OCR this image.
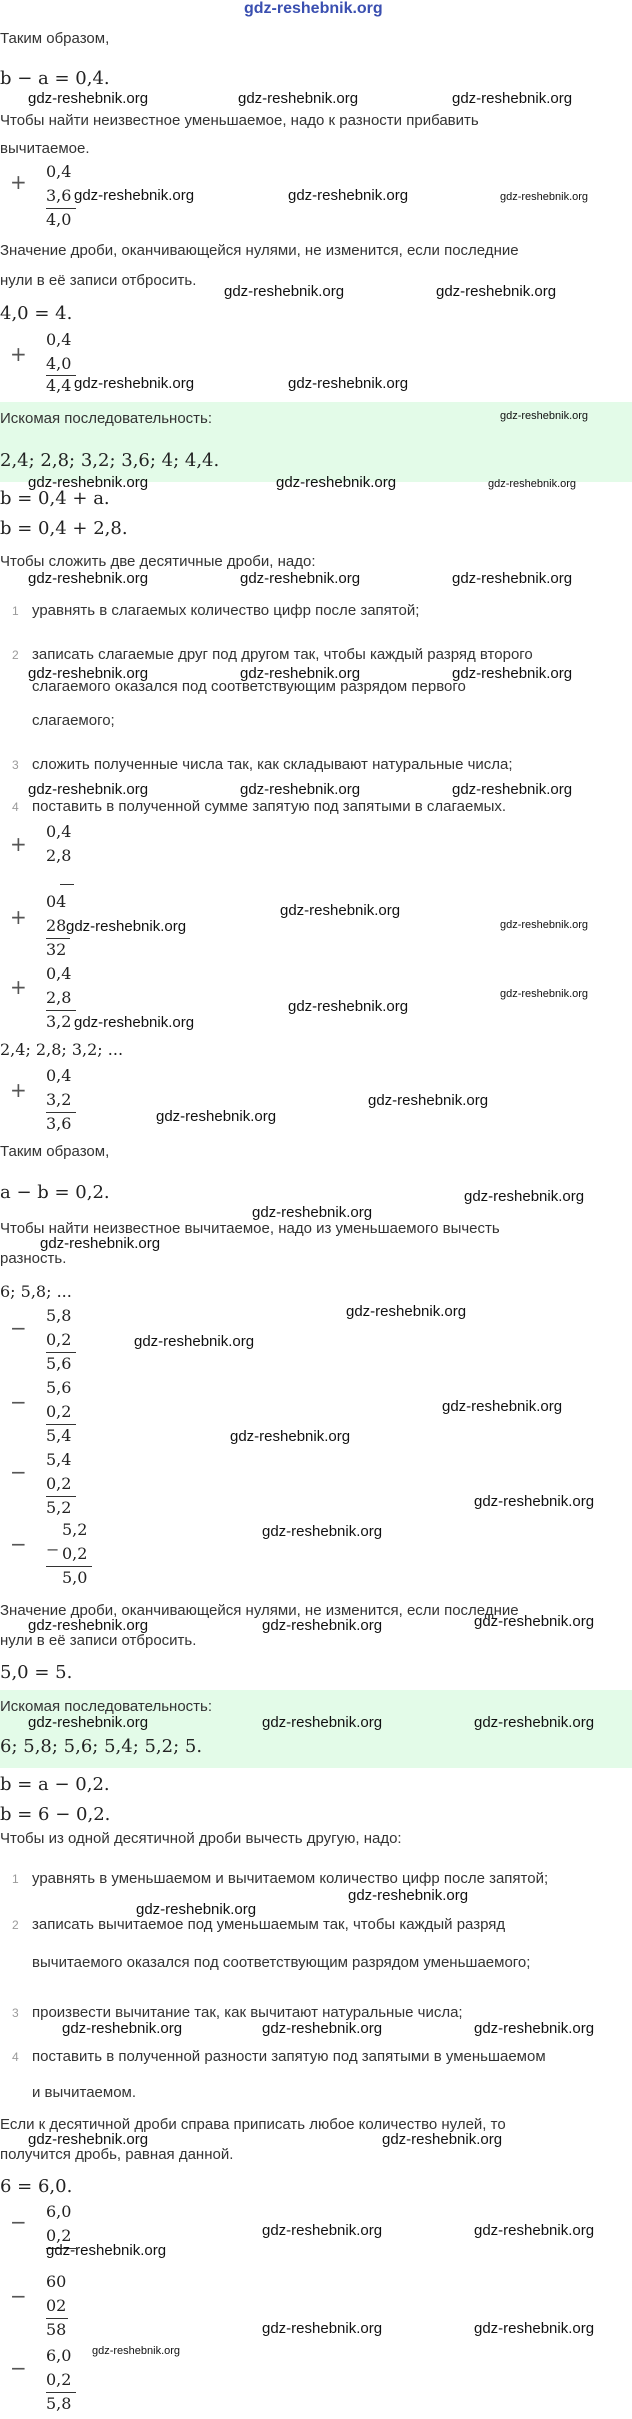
gdz-reshebnik.org
Таким образом,
b − a = 0,4.
Чтобы найти неизвестное уменьшаемое, надо к разности прибавить
вычитаемое.
gdz-reshebnik.org	gdz-reshebnik.org	gdz-reshebnik.org
+ 0,4
3,6
4,0
gdz-reshebnik.org	gdz-reshebnik.org	gdz-reshebnik.org
Значение дроби, оканчивающейся нулями, не изменится, если последние
нули в её записи отбросить.
gdz-reshebnik.org	gdz-reshebnik.org
4,0 = 4.
+
0,4
4,0
4,4 gdz-reshebnik.org	gdz-reshebnik.org
Искомая последовательность:	gdz-reshebnik.org
2,4; 2,8; 3,2; 3,6; 4; 4,4.
gdz-reshebnik.org	gdz-reshebnik.org	gdz-reshebnik.org
b = 0,4 + a.
b = 0,4 + 2,8.
Чтобы сложить две десятичные дроби, надо:
gdz-reshebnik.org	gdz-reshebnik.org	gdz-reshebnik.org
1 уравнять в слагаемых количество цифр после запятой;
2 записать слагаемые друг под другом так, чтобы каждый разряд второго
слагаемого оказался под соответствующим разрядом первого
слагаемого;
gdz-reshebnik.org	gdz-reshebnik.org	gdz-reshebnik.org
3 сложить полученные числа так, как складывают натуральные числа;
gdz-reshebnik.org	gdz-reshebnik.org	gdz-reshebnik.org
4 поставить в полученной сумме запятую под запятыми в слагаемых.
+
0,4
2,8
+
04
28
32
gdz-reshebnik.org
gdz-reshebnik.org
gdz-reshebnik.org
+
0,4
2,8
3,2 gdz-reshebnik.org
gdz-reshebnik.org
gdz-reshebnik.org
2,4; 2,8; 3,2; ...
+
0,4
3,2
3,6	gdz-reshebnik.org
gdz-reshebnik.org
Таким образом,
a − b = 0,2.
gdz-reshebnik.org
gdz-reshebnik.org
Чтобы найти неизвестное вычитаемое, надо из уменьшаемого вычесть
gdz-reshebnik.org
разность.
6; 5,8; ...
−
5,8
0,2
5,6
gdz-reshebnik.org
gdz-reshebnik.org
−
5,6
0,2
5,4	gdz-reshebnik.org
gdz-reshebnik.org
−
5,4
0,2
5,2	gdz-reshebnik.org
−
5,2
− 0,2
5,0
gdz-reshebnik.org
Значение дроби, оканчивающейся нулями, не изменится, если последние
gdz-reshebnik.org	gdz-reshebnik.org	gdz-reshebnik.org
нули в её записи отбросить.
5,0 = 5.
Искомая последовательность:
gdz-reshebnik.org	gdz-reshebnik.org	gdz-reshebnik.org
6; 5,8; 5,6; 5,4; 5,2; 5.
b = a − 0,2.
b = 6 − 0,2.
Чтобы из одной десятичной дроби вычесть другую, надо:
1 уравнять в уменьшаемом и вычитаемом количество цифр после запятой;
gdz-reshebnik.org
gdz-reshebnik.org
2 записать вычитаемое под уменьшаемым так, чтобы каждый разряд
вычитаемого оказался под соответствующим разрядом уменьшаемого;
3 произвести вычитание так, как вычитают натуральные числа;
gdz-reshebnik.org	gdz-reshebnik.org	gdz-reshebnik.org
4 поставить в полученной разности запятую под запятыми в уменьшаемом
и вычитаемом.
Если к десятичной дроби справа приписать любое количество нулей, то
gdz-reshebnik.org	gdz-reshebnik.org
получится дробь, равная данной.
6 = 6,0.
− 6,0
0,2
gdz-reshebnik.org
gdz-reshebnik.org	gdz-reshebnik.org
−
60
02
58	gdz-reshebnik.org	gdz-reshebnik.org
−
6,0
0,2
5,8
gdz-reshebnik.org
